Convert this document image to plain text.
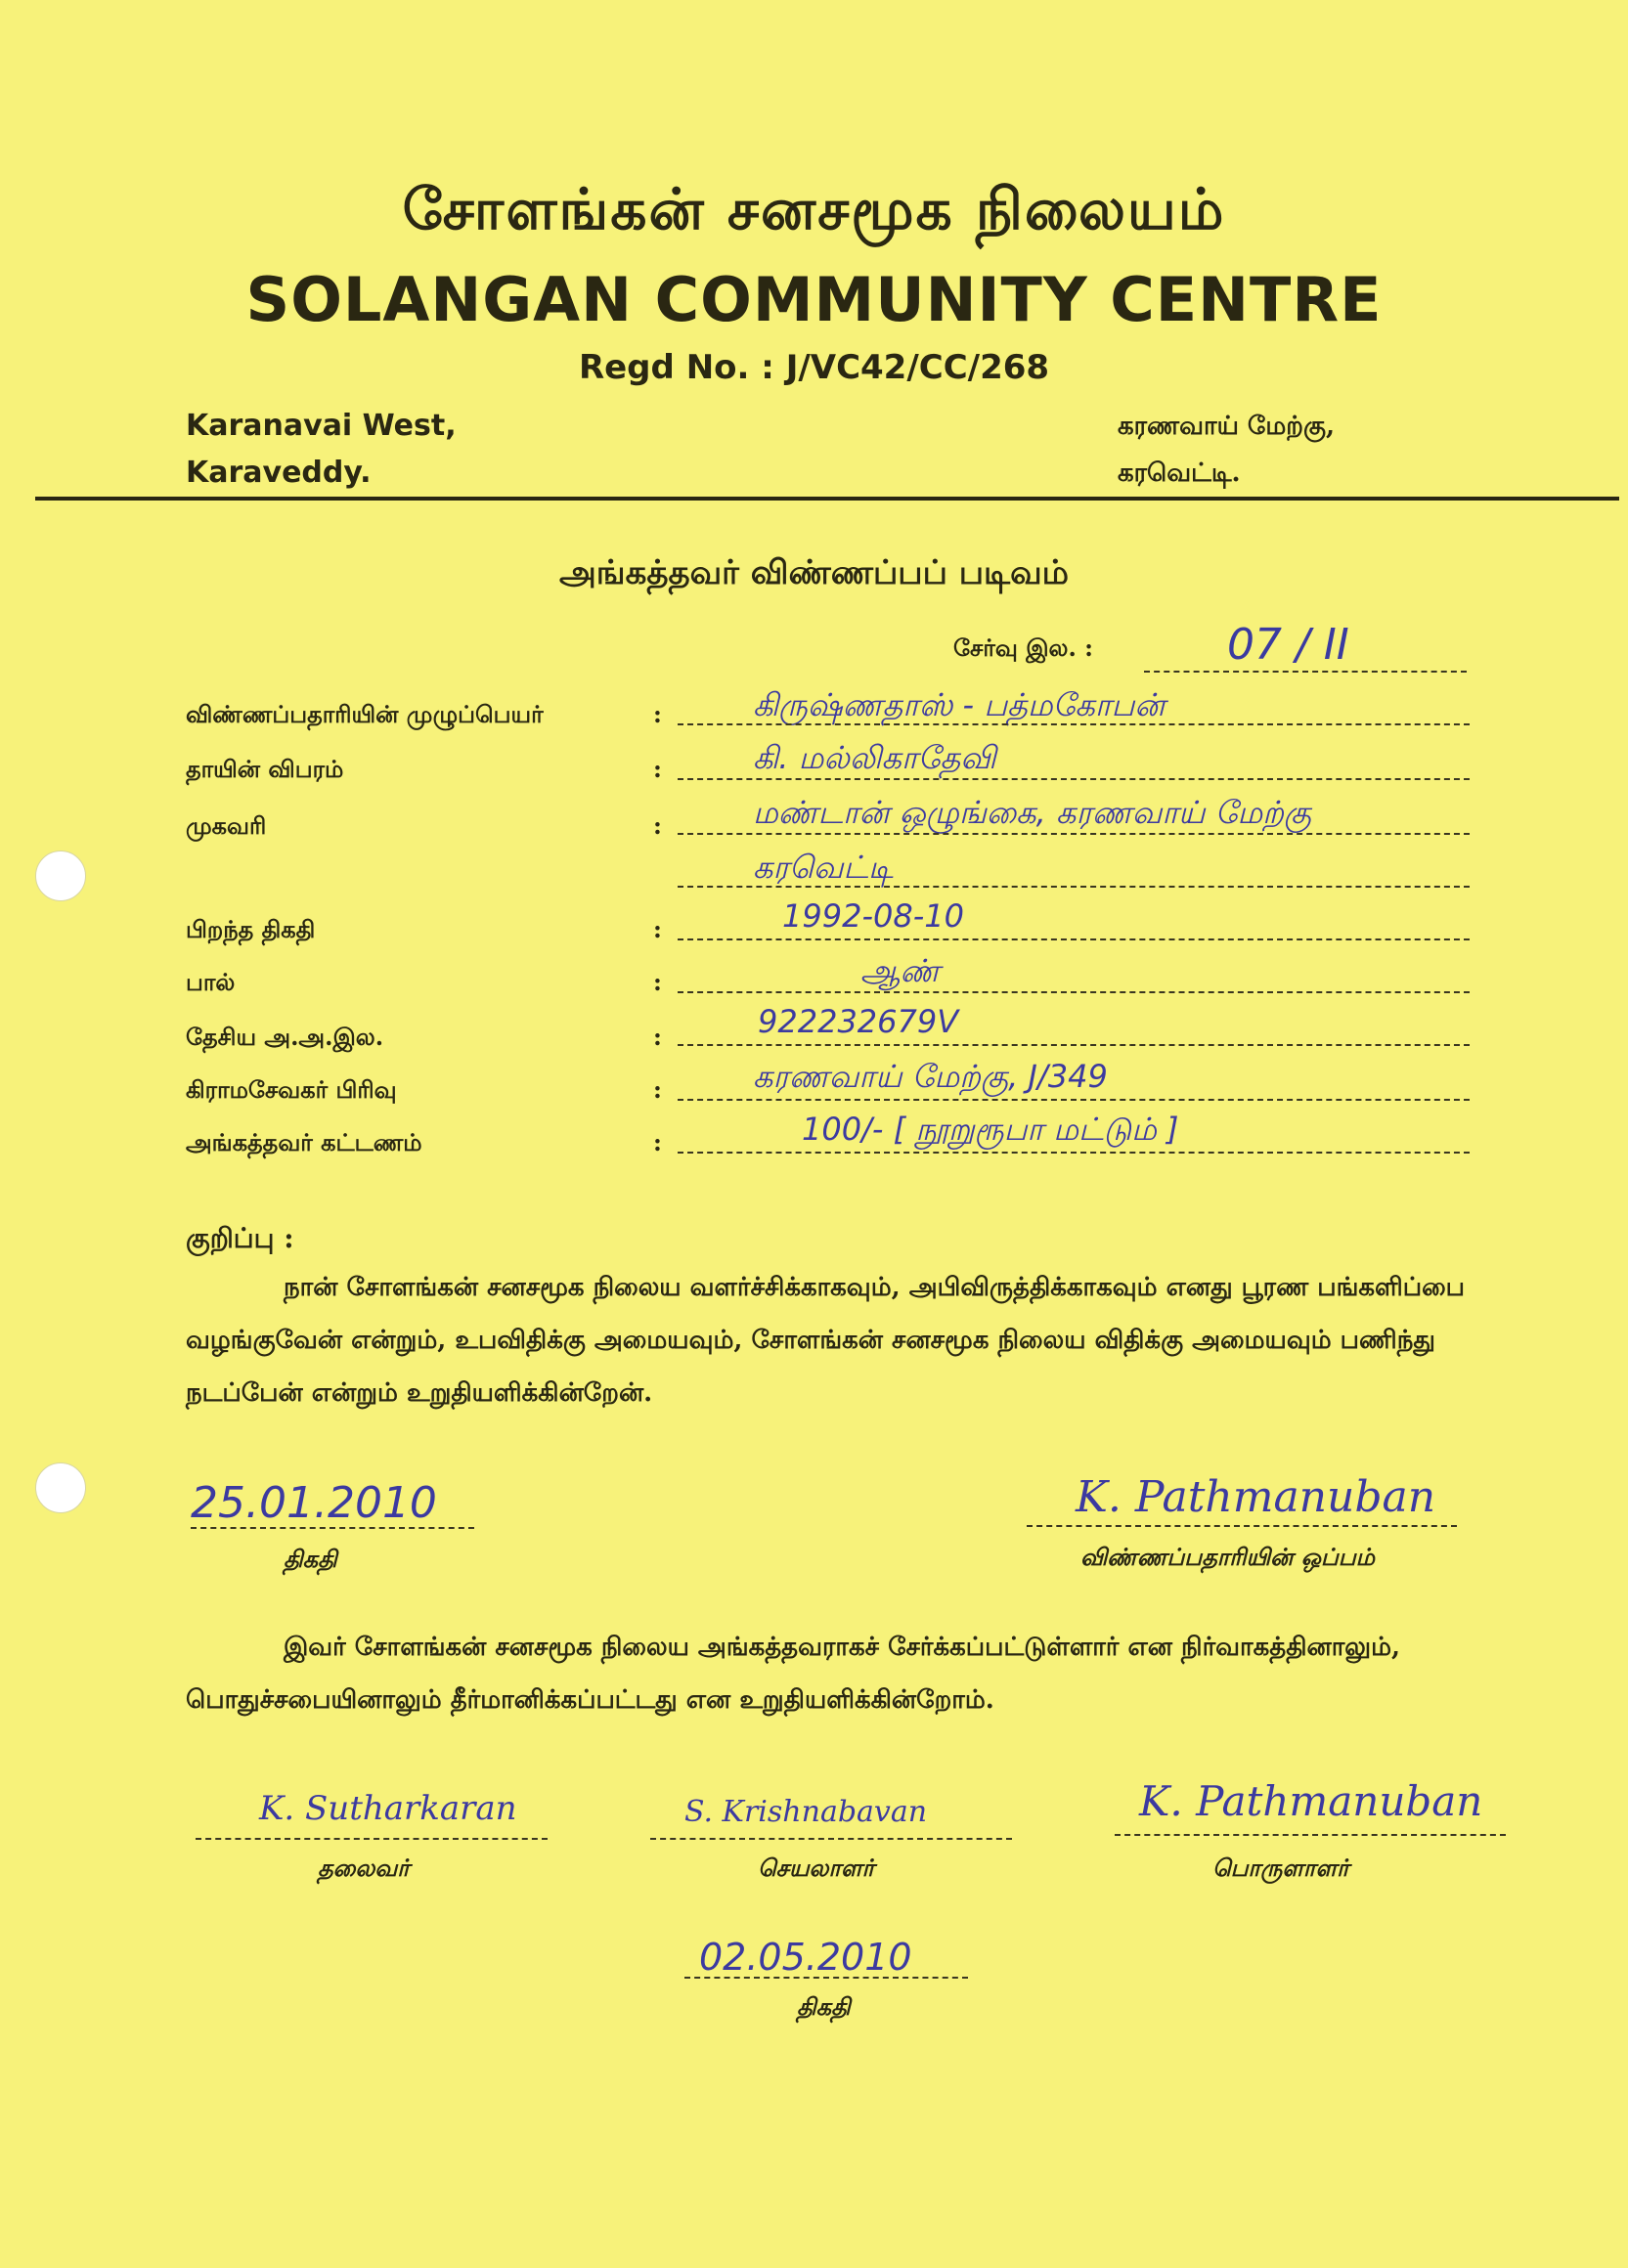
சோளங்கன் சனசமூக நிலையம்
SOLANGAN COMMUNITY CENTRE
Regd No. : J/VC42/CC/268
Karanavai West,
Karaveddy.
கரணவாய் மேற்கு,
கரவெட்டி.
அங்கத்தவர் விண்ணப்பப் படிவம்
சேர்வு இல. :	07 / II
விண்ணப்பதாரியின் முழுப்பெயர்	:	கிருஷ்ணதாஸ் - பத்மகோபன்
தாயின் விபரம்	:	கி. மல்லிகாதேவி
முகவரி	:	மண்டான் ஒழுங்கை, கரணவாய் மேற்கு
கரவெட்டி
பிறந்த திகதி	:	1992-08-10
பால்	:	ஆண்
தேசிய அ.அ.இல.	:	922232679V
கிராமசேவகர் பிரிவு	:	கரணவாய் மேற்கு, J/349
அங்கத்தவர் கட்டணம்	:	100/- [ நூறுரூபா மட்டும் ]
குறிப்பு :
நான் சோளங்கன் சனசமூக நிலைய வளர்ச்சிக்காகவும், அபிவிருத்திக்காகவும் எனது பூரண பங்களிப்பை வழங்குவேன் என்றும், உபவிதிக்கு அமையவும், சோளங்கன் சனசமூக நிலைய விதிக்கு அமையவும் பணிந்து நடப்பேன் என்றும் உறுதியளிக்கின்றேன்.
25.01.2010
திகதி
K. Pathmanuban
விண்ணப்பதாரியின் ஒப்பம்
இவர் சோளங்கன் சனசமூக நிலைய அங்கத்தவராகச் சேர்க்கப்பட்டுள்ளார் என நிர்வாகத்தினாலும், பொதுச்சபையினாலும் தீர்மானிக்கப்பட்டது என உறுதியளிக்கின்றோம்.
K. Sutharkaran
தலைவர்
S. Krishnabavan
செயலாளர்
K. Pathmanuban
பொருளாளர்
02.05.2010
திகதி
